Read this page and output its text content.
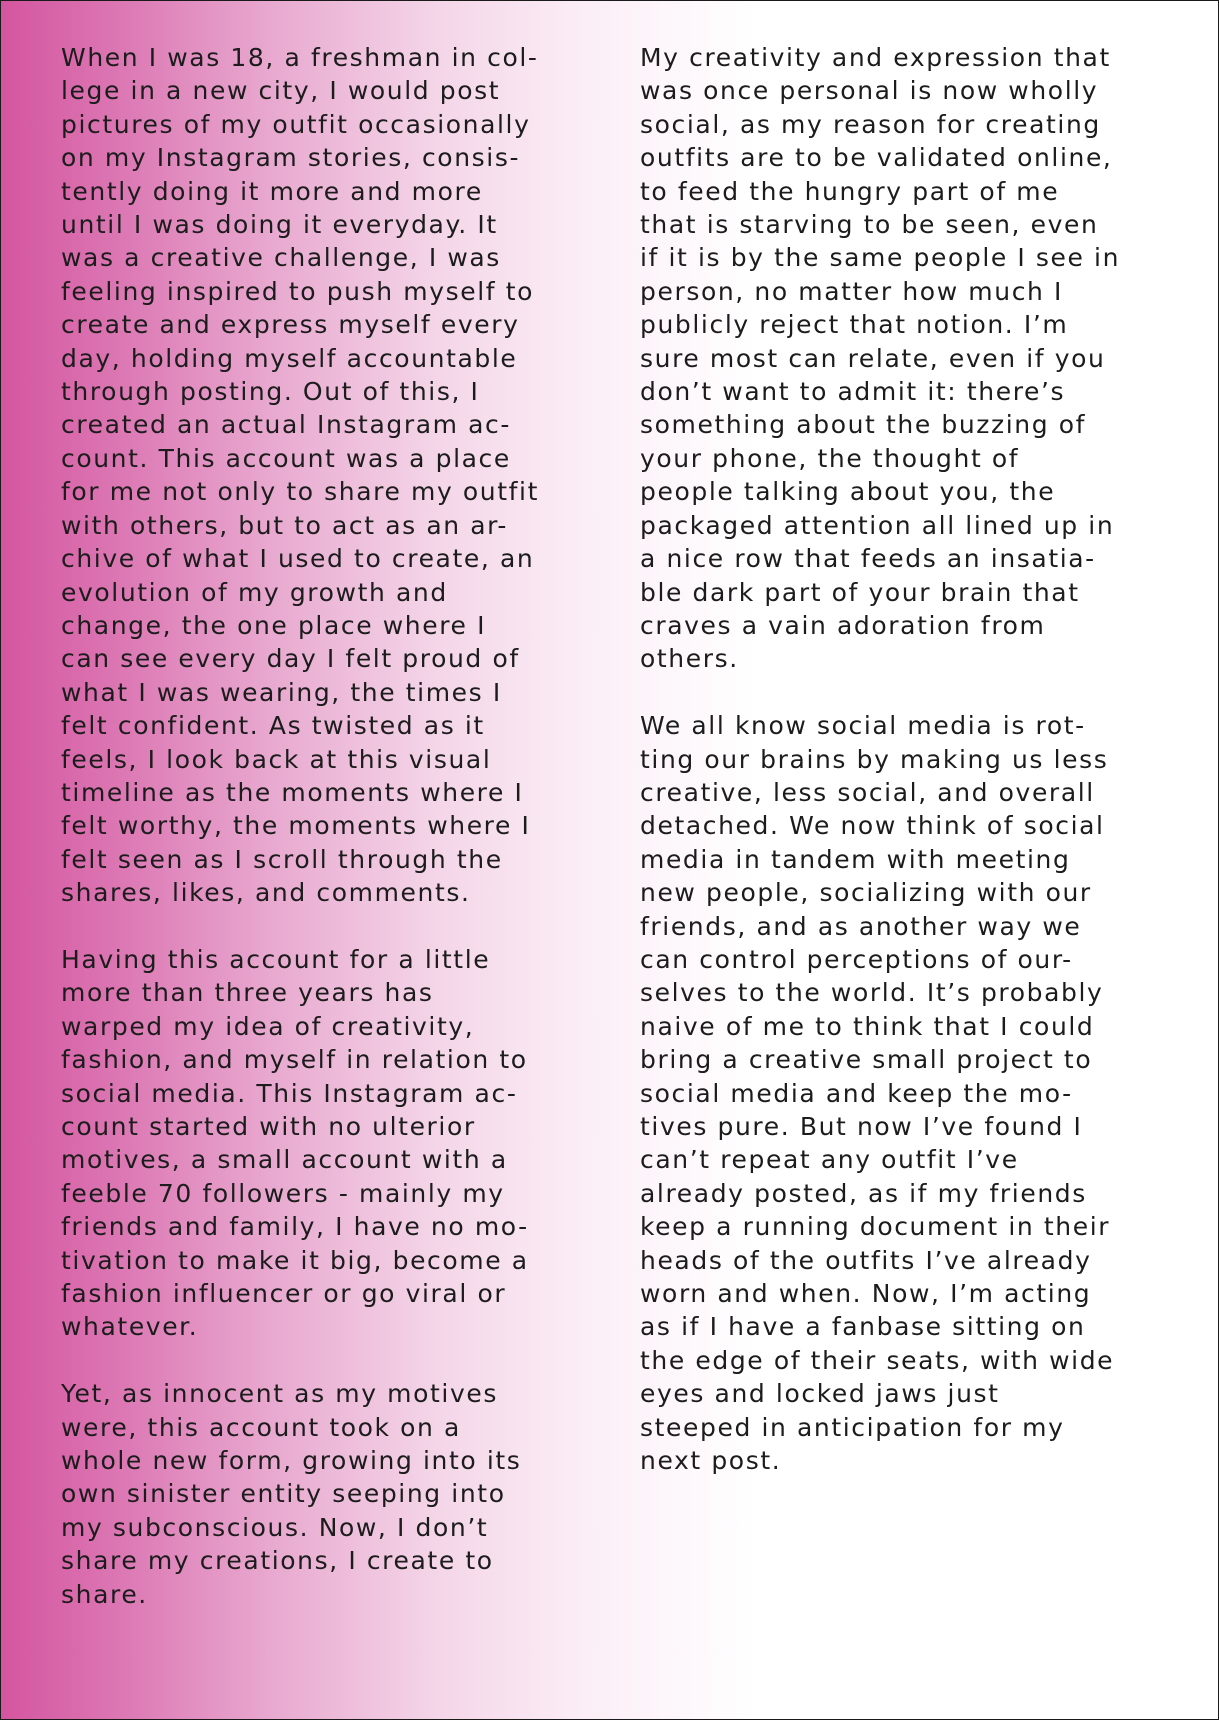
When I was 18, a freshman in col-
lege in a new city, I would post
pictures of my outfit occasionally
on my Instagram stories, consis-
tently doing it more and more
until I was doing it everyday. It
was a creative challenge, I was
feeling inspired to push myself to
create and express myself every
day, holding myself accountable
through posting. Out of this, I
created an actual Instagram ac-
count. This account was a place
for me not only to share my outfit
with others, but to act as an ar-
chive of what I used to create, an
evolution of my growth and
change, the one place where I
can see every day I felt proud of
what I was wearing, the times I
felt confident. As twisted as it
feels, I look back at this visual
timeline as the moments where I
felt worthy, the moments where I
felt seen as I scroll through the
shares, likes, and comments.

Having this account for a little
more than three years has
warped my idea of creativity,
fashion, and myself in relation to
social media. This Instagram ac-
count started with no ulterior
motives, a small account with a
feeble 70 followers - mainly my
friends and family, I have no mo-
tivation to make it big, become a
fashion influencer or go viral or
whatever.

Yet, as innocent as my motives
were, this account took on a
whole new form, growing into its
own sinister entity seeping into
my subconscious. Now, I don’t
share my creations, I create to
share.

My creativity and expression that
was once personal is now wholly
social, as my reason for creating
outfits are to be validated online,
to feed the hungry part of me
that is starving to be seen, even
if it is by the same people I see in
person, no matter how much I
publicly reject that notion. I’m
sure most can relate, even if you
don’t want to admit it: there’s
something about the buzzing of
your phone, the thought of
people talking about you, the
packaged attention all lined up in
a nice row that feeds an insatia-
ble dark part of your brain that
craves a vain adoration from
others.

We all know social media is rot-
ting our brains by making us less
creative, less social, and overall
detached. We now think of social
media in tandem with meeting
new people, socializing with our
friends, and as another way we
can control perceptions of our-
selves to the world. It’s probably
naive of me to think that I could
bring a creative small project to
social media and keep the mo-
tives pure. But now I’ve found I
can’t repeat any outfit I’ve
already posted, as if my friends
keep a running document in their
heads of the outfits I’ve already
worn and when. Now, I’m acting
as if I have a fanbase sitting on
the edge of their seats, with wide
eyes and locked jaws just
steeped in anticipation for my
next post.
